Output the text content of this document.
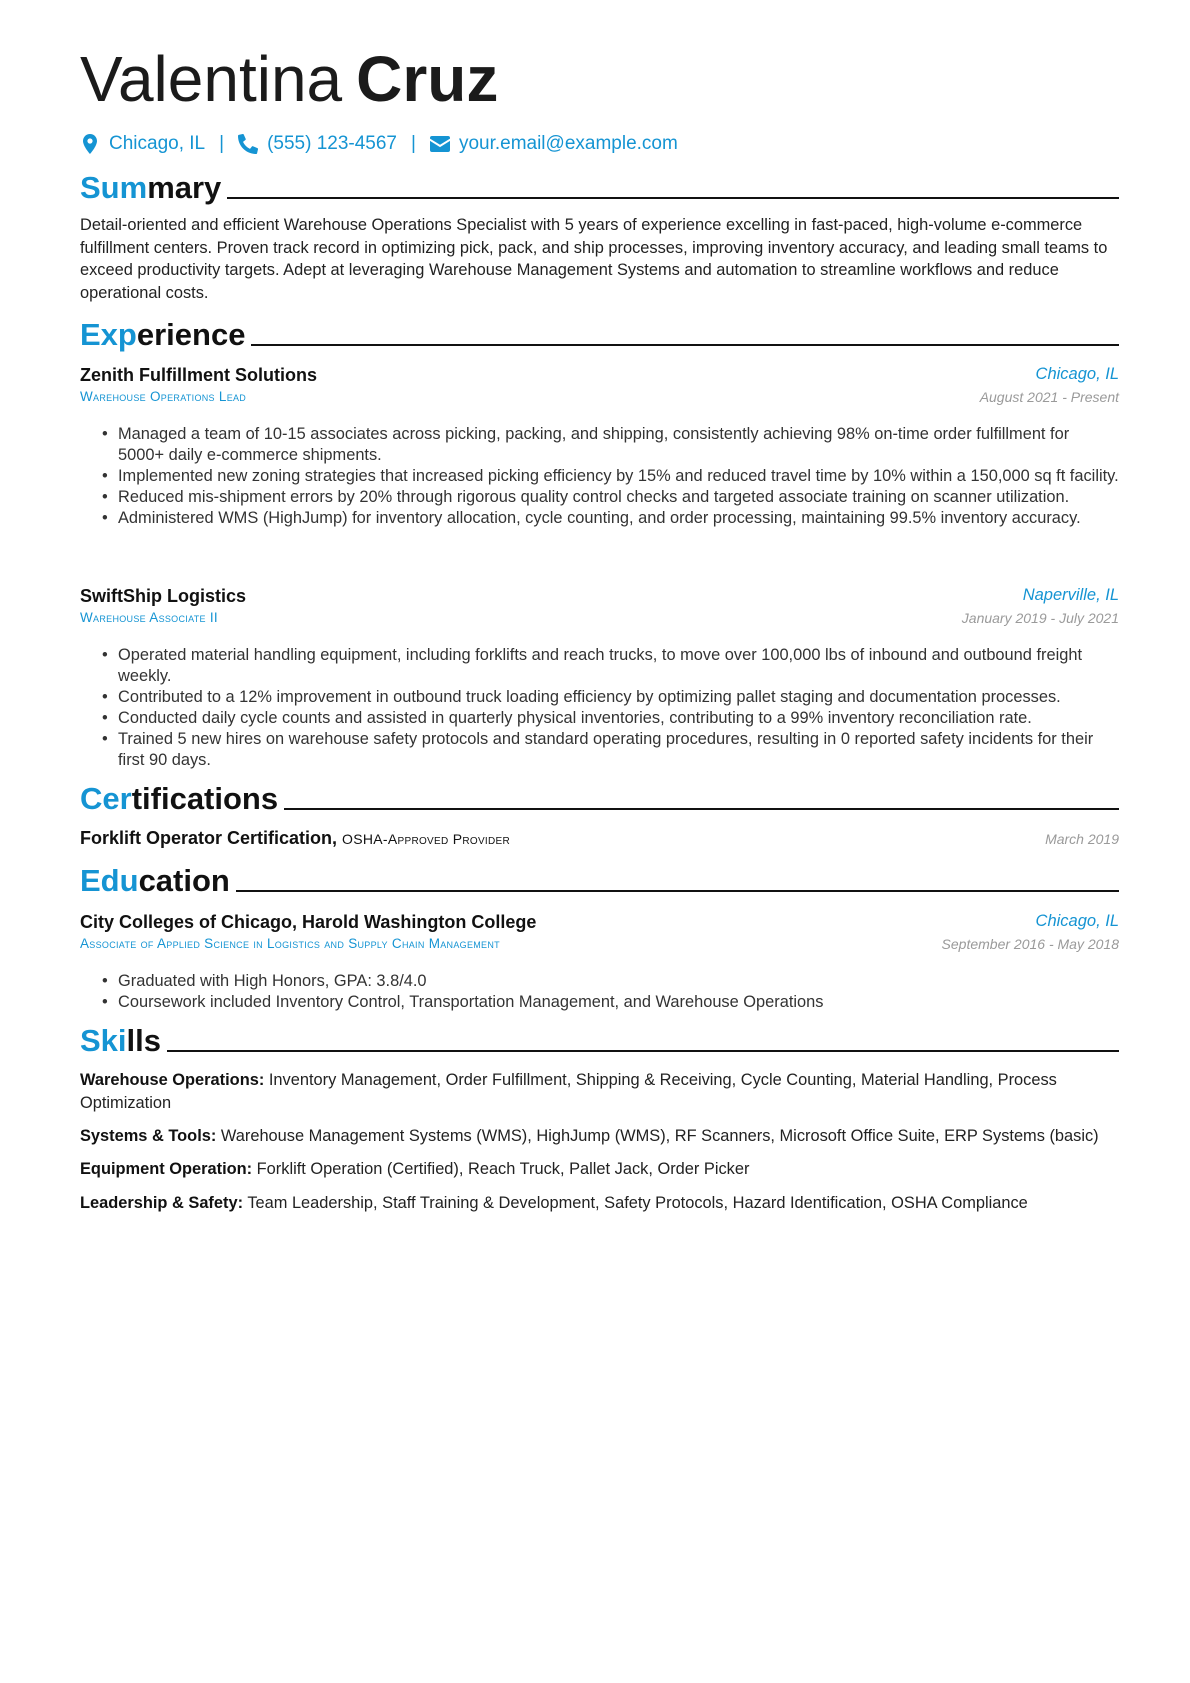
Valentina Cruz
Chicago, IL | (555) 123-4567 | your.email@example.com
Summary
Detail-oriented and efficient Warehouse Operations Specialist with 5 years of experience excelling in fast-paced, high-volume e-commerce fulfillment centers. Proven track record in optimizing pick, pack, and ship processes, improving inventory accuracy, and leading small teams to exceed productivity targets. Adept at leveraging Warehouse Management Systems and automation to streamline workflows and reduce operational costs.
Experience
Zenith Fulfillment Solutions	Chicago, IL
Warehouse Operations Lead	August 2021 - Present
• Managed a team of 10-15 associates across picking, packing, and shipping, consistently achieving 98% on-time order fulfillment for 5000+ daily e-commerce shipments.
• Implemented new zoning strategies that increased picking efficiency by 15% and reduced travel time by 10% within a 150,000 sq ft facility.
• Reduced mis-shipment errors by 20% through rigorous quality control checks and targeted associate training on scanner utilization.
• Administered WMS (HighJump) for inventory allocation, cycle counting, and order processing, maintaining 99.5% inventory accuracy.
SwiftShip Logistics	Naperville, IL
Warehouse Associate II	January 2019 - July 2021
• Operated material handling equipment, including forklifts and reach trucks, to move over 100,000 lbs of inbound and outbound freight weekly.
• Contributed to a 12% improvement in outbound truck loading efficiency by optimizing pallet staging and documentation processes.
• Conducted daily cycle counts and assisted in quarterly physical inventories, contributing to a 99% inventory reconciliation rate.
• Trained 5 new hires on warehouse safety protocols and standard operating procedures, resulting in 0 reported safety incidents for their first 90 days.
Certifications
Forklift Operator Certification, OSHA-Approved Provider	March 2019
Education
City Colleges of Chicago, Harold Washington College	Chicago, IL
Associate of Applied Science in Logistics and Supply Chain Management	September 2016 - May 2018
• Graduated with High Honors, GPA: 3.8/4.0
• Coursework included Inventory Control, Transportation Management, and Warehouse Operations
Skills
Warehouse Operations: Inventory Management, Order Fulfillment, Shipping & Receiving, Cycle Counting, Material Handling, Process Optimization
Systems & Tools: Warehouse Management Systems (WMS), HighJump (WMS), RF Scanners, Microsoft Office Suite, ERP Systems (basic)
Equipment Operation: Forklift Operation (Certified), Reach Truck, Pallet Jack, Order Picker
Leadership & Safety: Team Leadership, Staff Training & Development, Safety Protocols, Hazard Identification, OSHA Compliance
